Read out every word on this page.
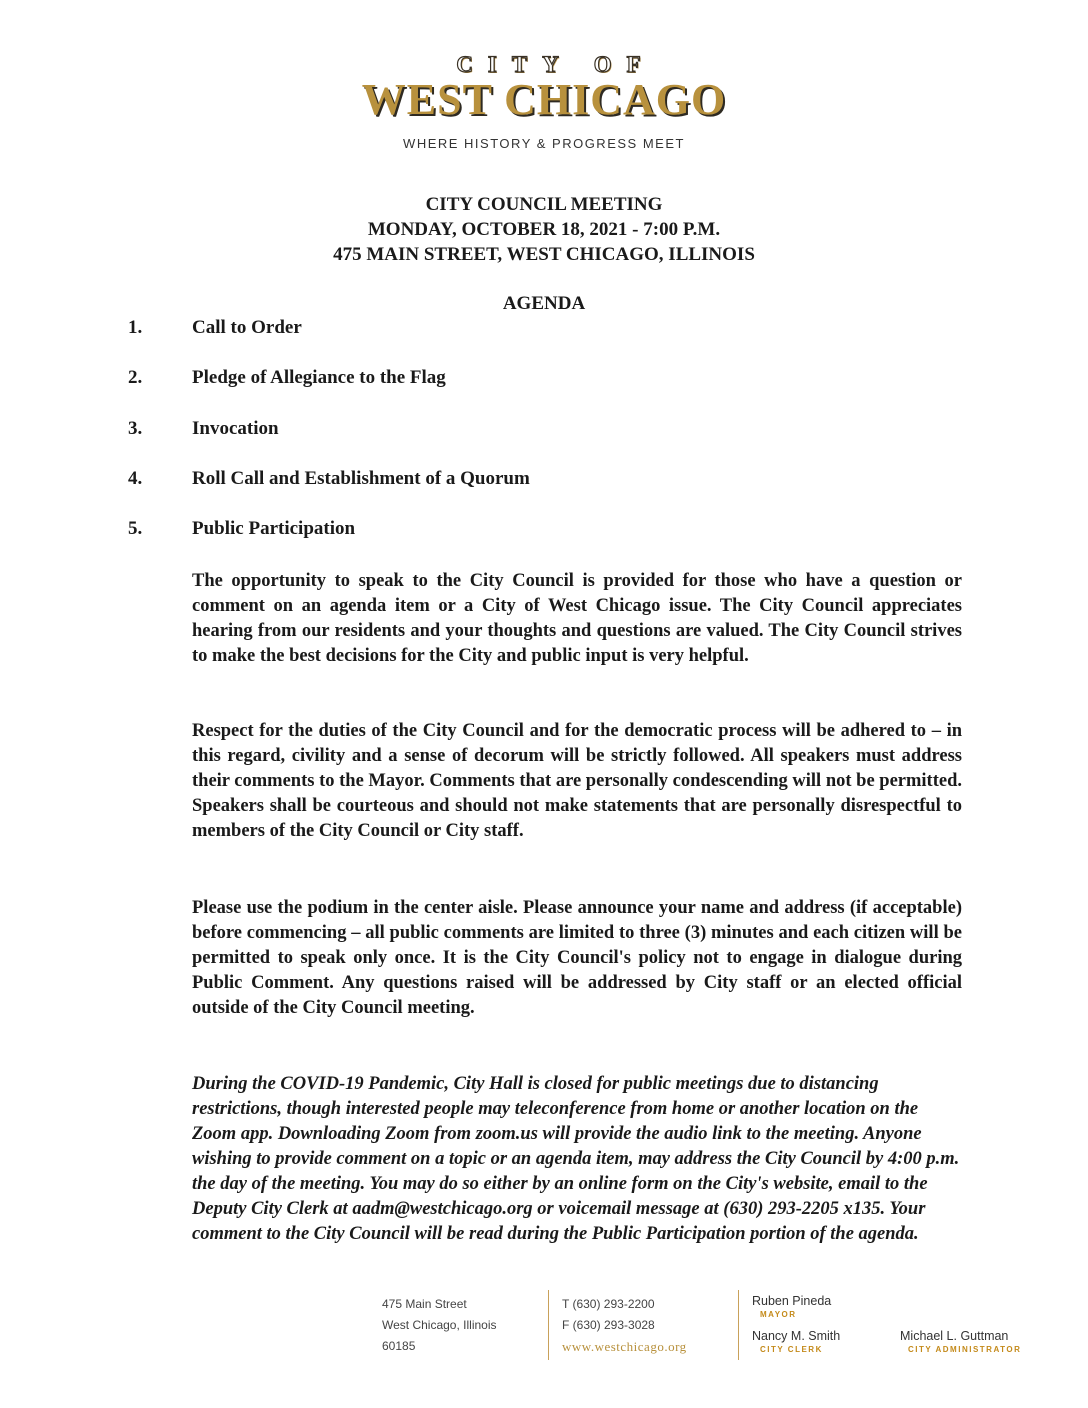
CITY OF
WEST CHICAGO
WHERE HISTORY & PROGRESS MEET
CITY COUNCIL MEETING
MONDAY, OCTOBER 18, 2021 - 7:00 P.M.
475 MAIN STREET, WEST CHICAGO, ILLINOIS
AGENDA
1.	Call to Order
2.	Pledge of Allegiance to the Flag
3.	Invocation
4.	Roll Call and Establishment of a Quorum
5.	Public Participation
The opportunity to speak to the City Council is provided for those who have a question or comment on an agenda item or a City of West Chicago issue. The City Council appreciates hearing from our residents and your thoughts and questions are valued. The City Council strives to make the best decisions for the City and public input is very helpful.
Respect for the duties of the City Council and for the democratic process will be adhered to – in this regard, civility and a sense of decorum will be strictly followed. All speakers must address their comments to the Mayor. Comments that are personally condescending will not be permitted. Speakers shall be courteous and should not make statements that are personally disrespectful to members of the City Council or City staff.
Please use the podium in the center aisle. Please announce your name and address (if acceptable) before commencing – all public comments are limited to three (3) minutes and each citizen will be permitted to speak only once. It is the City Council's policy not to engage in dialogue during Public Comment. Any questions raised will be addressed by City staff or an elected official outside of the City Council meeting.
During the COVID-19 Pandemic, City Hall is closed for public meetings due to distancing restrictions, though interested people may teleconference from home or another location on the Zoom app. Downloading Zoom from zoom.us will provide the audio link to the meeting. Anyone wishing to provide comment on a topic or an agenda item, may address the City Council by 4:00 p.m. the day of the meeting. You may do so either by an online form on the City's website, email to the Deputy City Clerk at aadm@westchicago.org or voicemail message at (630) 293-2205 x135. Your comment to the City Council will be read during the Public Participation portion of the agenda.
475 Main Street
West Chicago, Illinois
60185
T (630) 293-2200
F (630) 293-3028
www.westchicago.org
Ruben Pineda
MAYOR
Nancy M. Smith
CITY CLERK
Michael L. Guttman
CITY ADMINISTRATOR
